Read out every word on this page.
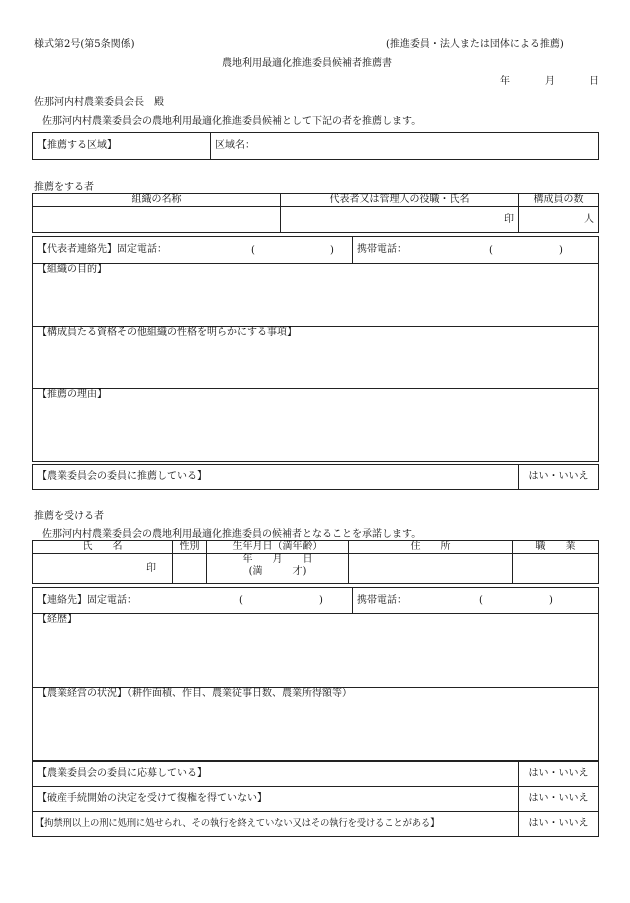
様式第2号(第5条関係)	(推進委員・法人または団体による推薦)
農地利用最適化推進委員候補者推薦書
年	月	日
佐那河内村農業委員会長　殿
佐那河内村農業委員会の農地利用最適化推進委員候補として下記の者を推薦します。
【推薦する区域】	区域名：
推薦をする者
組織の名称	代表者又は管理人の役職・氏名	構成員の数
	印	人
【代表者連絡先】固定電話：	(	)	携帯電話：	(	)

【組織の目的】
【構成員たる資格その他組織の性格を明らかにする事項】
【推薦の理由】
【農業委員会の委員に推薦している】	はい・いいえ
推薦を受ける者
佐那河内村農業委員会の農地利用最適化推進委員の候補者となることを承諾します。
氏　　名	性別	生年月日（満年齢）	住　　所	職　　業
印		年　　月　　日
(満　　　才)		

【連絡先】固定電話：	(	)	携帯電話：	(	)

【経歴】
【農業経営の状況】（耕作面積、作目、農業従事日数、農業所得額等）
【農業委員会の委員に応募している】	はい・いいえ
【破産手続開始の決定を受けて復権を得ていない】	はい・いいえ
【拘禁刑以上の刑に処刑に処せられ、その執行を終えていない又はその執行を受けることがある】	はい・いいえ
